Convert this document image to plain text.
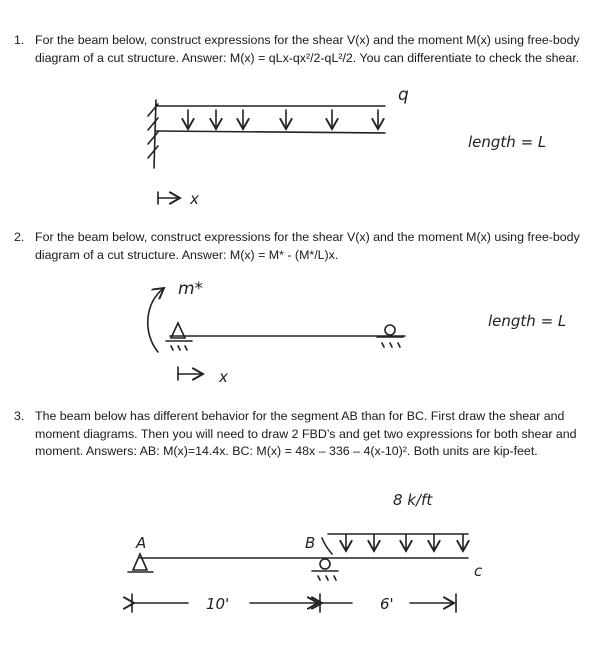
1. For the beam below, construct expressions for the shear V(x) and the moment M(x) using free-body diagram of a cut structure. Answer: M(x) = qLx-qx²/2-qL²/2. You can differentiate to check the shear.
2. For the beam below, construct expressions for the shear V(x) and the moment M(x) using free-body diagram of a cut structure. Answer: M(x) = M* - (M*/L)x.
3. The beam below has different behavior for the segment AB than for BC. First draw the shear and moment diagrams. Then you will need to draw 2 FBD’s and get two expressions for both shear and moment. Answers: AB: M(x)=14.4x. BC: M(x) = 48x – 336 – 4(x-10)². Both units are kip-feet.
q
length = L
x
m*
length = L
x
8 k/ft
A	B
c
10'	6'
